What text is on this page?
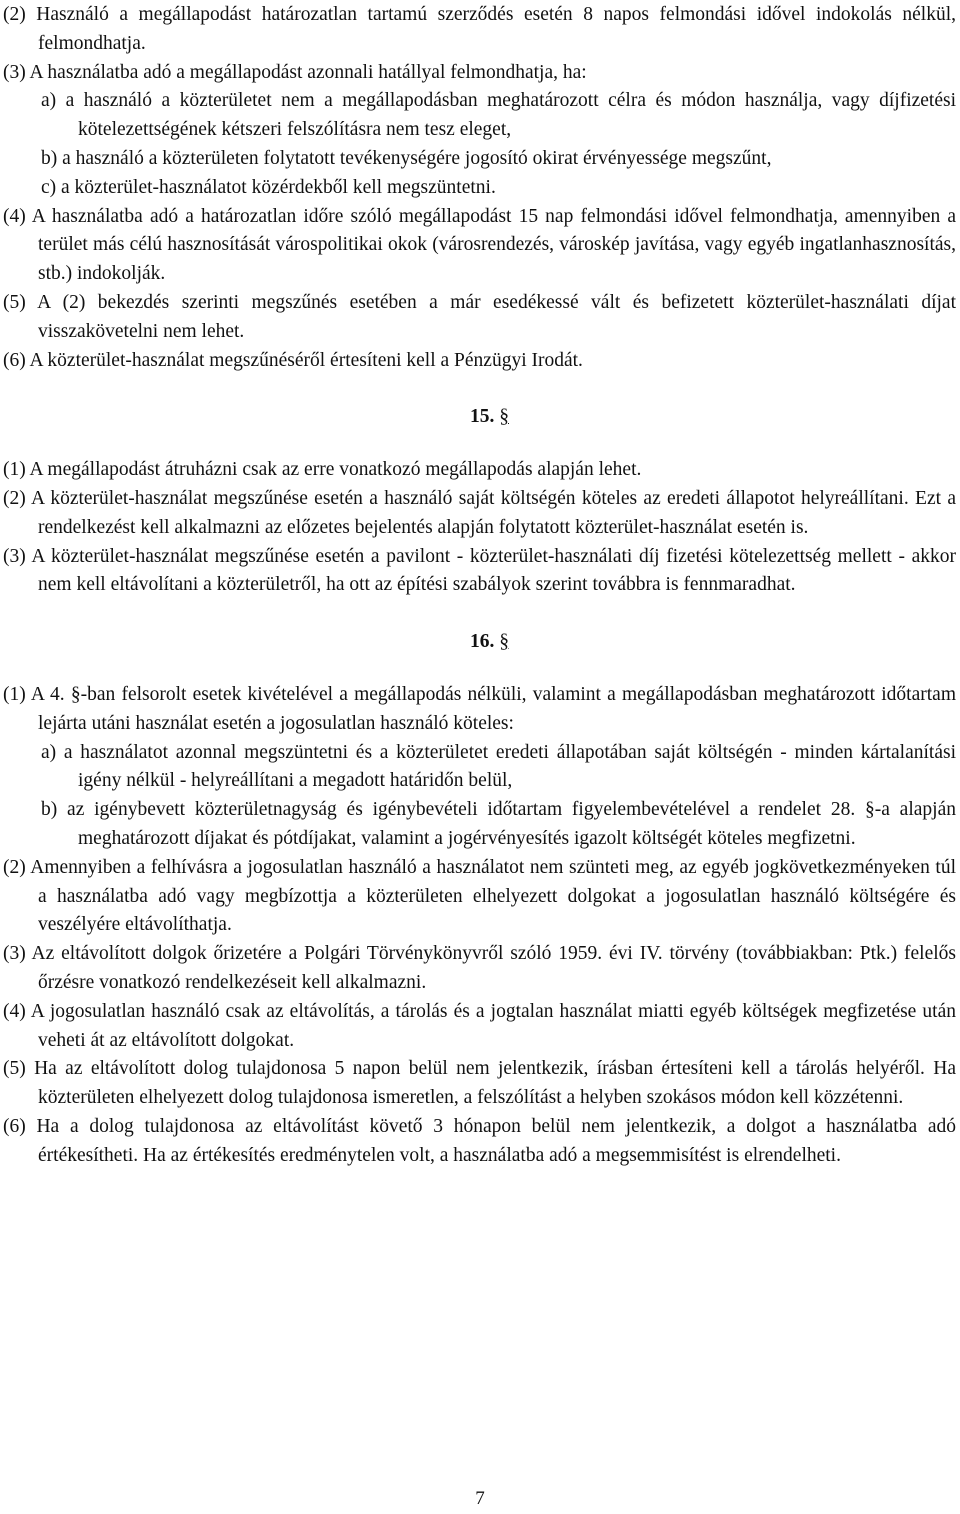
(2) Használó a megállapodást határozatlan tartamú szerződés esetén 8 napos felmondási idővel indokolás nélkül, felmondhatja.

(3) A használatba adó a megállapodást azonnali hatállyal felmondhatja, ha:

a) a használó a közterületet nem a megállapodásban meghatározott célra és módon használja, vagy díjfizetési kötelezettségének kétszeri felszólításra nem tesz eleget,

b) a használó a közterületen folytatott tevékenységére jogosító okirat érvényessége megszűnt,

c) a közterület-használatot közérdekből kell megszüntetni.

(4) A használatba adó a határozatlan időre szóló megállapodást 15 nap felmondási idővel felmondhatja, amennyiben a terület más célú hasznosítását várospolitikai okok (városrendezés, városkép javítása, vagy egyéb ingatlanhasznosítás, stb.) indokolják.

(5) A (2) bekezdés szerinti megszűnés esetében a már esedékessé vált és befizetett közterület-használati díjat visszakövetelni nem lehet.

(6) A közterület-használat megszűnéséről értesíteni kell a Pénzügyi Irodát.

15. §

(1) A megállapodást átruházni csak az erre vonatkozó megállapodás alapján lehet.

(2) A közterület-használat megszűnése esetén a használó saját költségén köteles az eredeti állapotot helyreállítani. Ezt a rendelkezést kell alkalmazni az előzetes bejelentés alapján folytatott közterület-használat esetén is.

(3) A közterület-használat megszűnése esetén a pavilont - közterület-használati díj fizetési kötelezettség mellett - akkor nem kell eltávolítani a közterületről, ha ott az építési szabályok szerint továbbra is fennmaradhat.

16. §

(1) A 4. §-ban felsorolt esetek kivételével a megállapodás nélküli, valamint a megállapodásban meghatározott időtartam lejárta utáni használat esetén a jogosulatlan használó köteles:

a) a használatot azonnal megszüntetni és a közterületet eredeti állapotában saját költségén - minden kártalanítási igény nélkül - helyreállítani a megadott határidőn belül,

b) az igénybevett közterületnagyság és igénybevételi időtartam figyelembevételével a rendelet 28. §-a alapján meghatározott díjakat és pótdíjakat, valamint a jogérvényesítés igazolt költségét köteles megfizetni.

(2) Amennyiben a felhívásra a jogosulatlan használó a használatot nem szünteti meg, az egyéb jogkövetkezményeken túl a használatba adó vagy megbízottja a közterületen elhelyezett dolgokat a jogosulatlan használó költségére és veszélyére eltávolíthatja.

(3) Az eltávolított dolgok őrizetére a Polgári Törvénykönyvről szóló 1959. évi IV. törvény (továbbiakban: Ptk.) felelős őrzésre vonatkozó rendelkezéseit kell alkalmazni.

(4) A jogosulatlan használó csak az eltávolítás, a tárolás és a jogtalan használat miatti egyéb költségek megfizetése után veheti át az eltávolított dolgokat.

(5) Ha az eltávolított dolog tulajdonosa 5 napon belül nem jelentkezik, írásban értesíteni kell a tárolás helyéről. Ha közterületen elhelyezett dolog tulajdonosa ismeretlen, a felszólítást a helyben szokásos módon kell közzétenni.

(6) Ha a dolog tulajdonosa az eltávolítást követő 3 hónapon belül nem jelentkezik, a dolgot a használatba adó értékesítheti. Ha az értékesítés eredménytelen volt, a használatba adó a megsemmisítést is elrendelheti.

7
